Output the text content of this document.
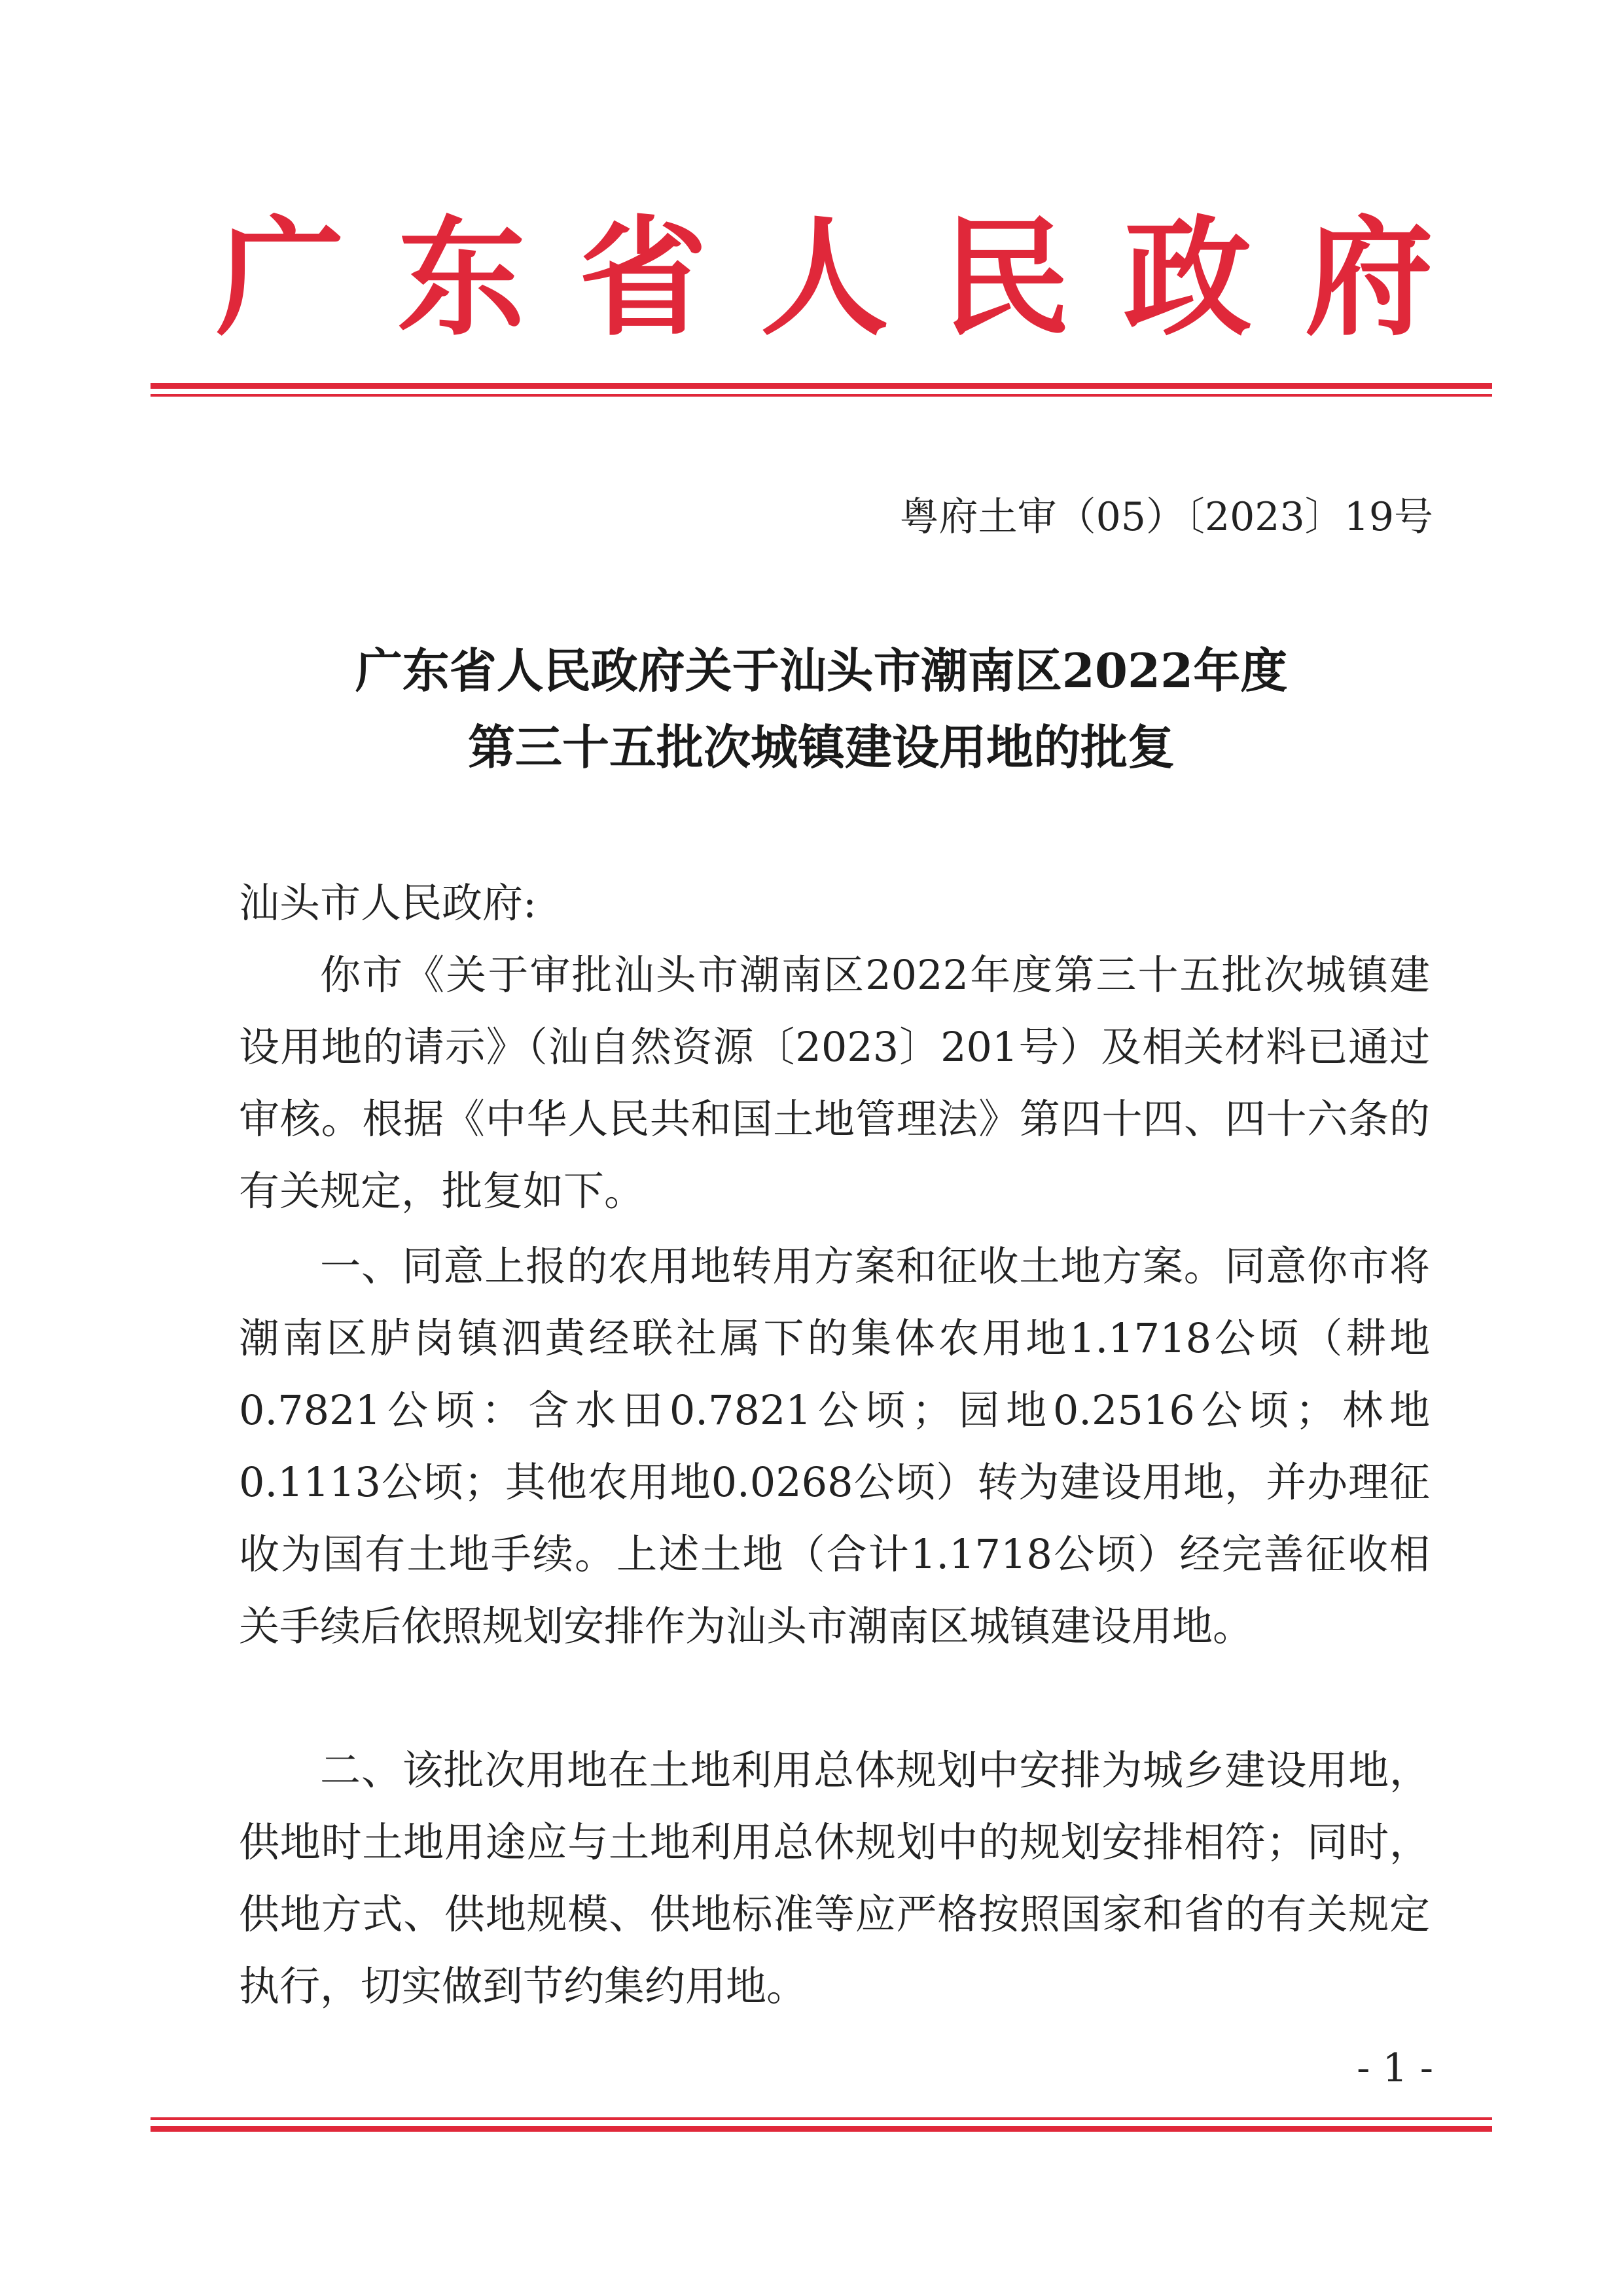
广 东 省 人 民 政 府
粤府土审（05）〔2023〕19号
广东省人民政府关于汕头市潮南区2022年度
第三十五批次城镇建设用地的批复
汕头市人民政府:

你市《关于审批汕头市潮南区2022年度第三十五批次城镇建设用地的请示》（汕自然资源〔2023〕201号）及相关材料已通过审核。根据《中华人民共和国土地管理法》第四十四、四十六条的有关规定，批复如下。

一、同意上报的农用地转用方案和征收土地方案。同意你市将潮南区胪岗镇泗黄经联社属下的集体农用地1.1718公顷（耕地0.7821公顷：含水田0.7821公顷；园地0.2516公顷；林地0.1113公顷；其他农用地0.0268公顷）转为建设用地，并办理征收为国有土地手续。上述土地（合计1.1718公顷）经完善征收相关手续后依照规划安排作为汕头市潮南区城镇建设用地。

二、该批次用地在土地利用总体规划中安排为城乡建设用地，供地时土地用途应与土地利用总休规划中的规划安排相符；同时，供地方式、供地规模、供地标准等应严格按照国家和省的有关规定执行，切实做到节约集约用地。

- 1 -
